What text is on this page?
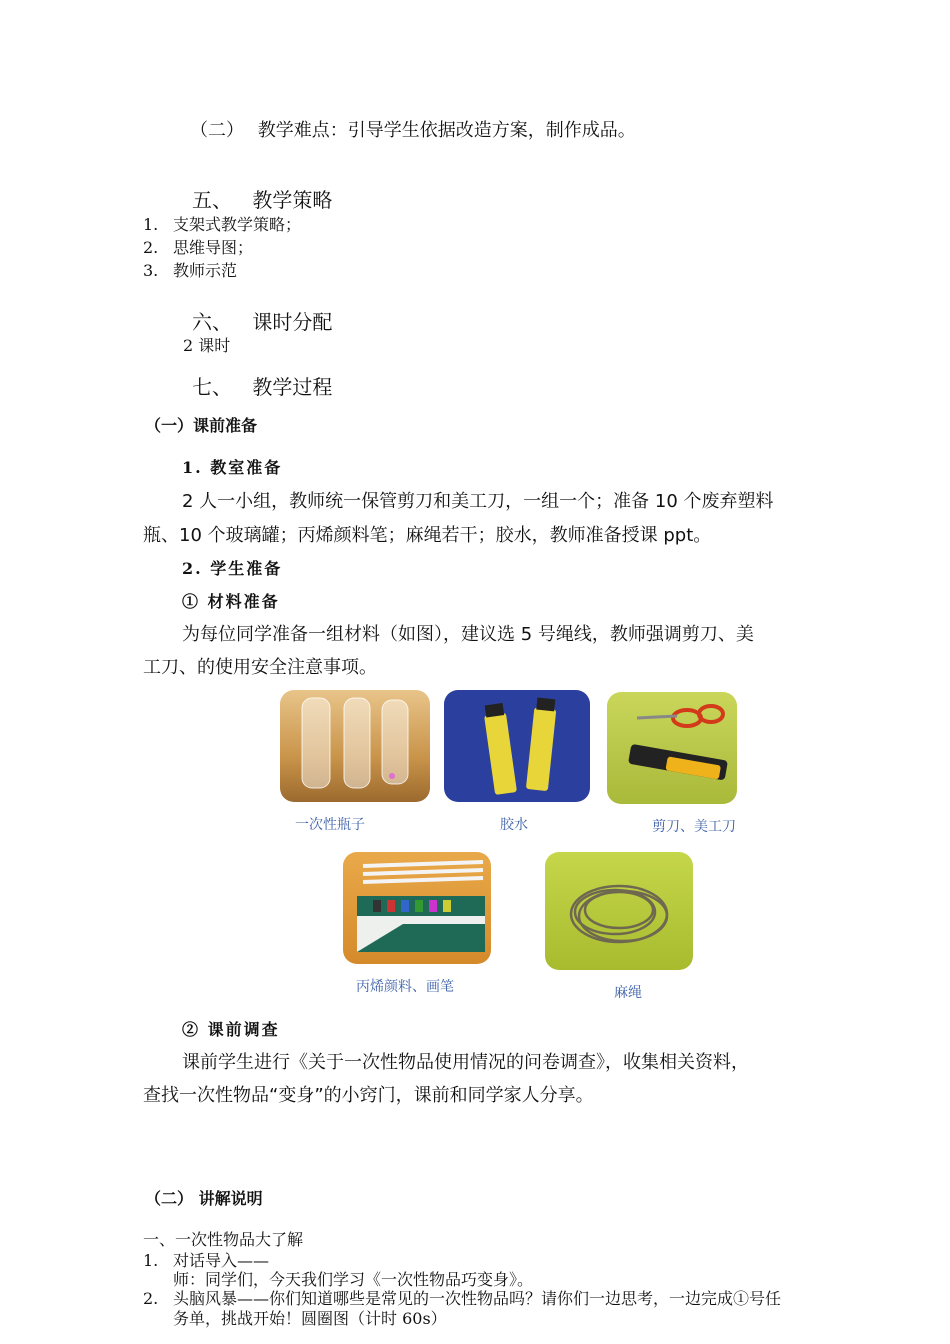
（二） 教学难点：引导学生依据改造方案，制作成品。
五、 教学策略
1. 支架式教学策略；
2. 思维导图；
3. 教师示范
六、 课时分配
2 课时
七、 教学过程
（一）课前准备
1. 教室准备
2 人一小组，教师统一保管剪刀和美工刀，一组一个；准备 10 个废弃塑料
瓶、10 个玻璃罐；丙烯颜料笔；麻绳若干；胶水，教师准备授课 ppt。
2. 学生准备
① 材料准备
为每位同学准备一组材料（如图），建议选 5 号绳线，教师强调剪刀、美
工刀、的使用安全注意事项。
一次性瓶子	胶水	剪刀、美工刀
丙烯颜料、画笔	麻绳
② 课前调查
课前学生进行《关于一次性物品使用情况的问卷调查》，收集相关资料，
查找一次性物品“变身”的小窍门，课前和同学家人分享。
（二） 讲解说明
一、一次性物品大了解
1. 对话导入——
师：同学们，今天我们学习《一次性物品巧变身》。
2. 头脑风暴——你们知道哪些是常见的一次性物品吗？请你们一边思考，一边完成①号任
务单，挑战开始！圆圈图（计时 60s）
